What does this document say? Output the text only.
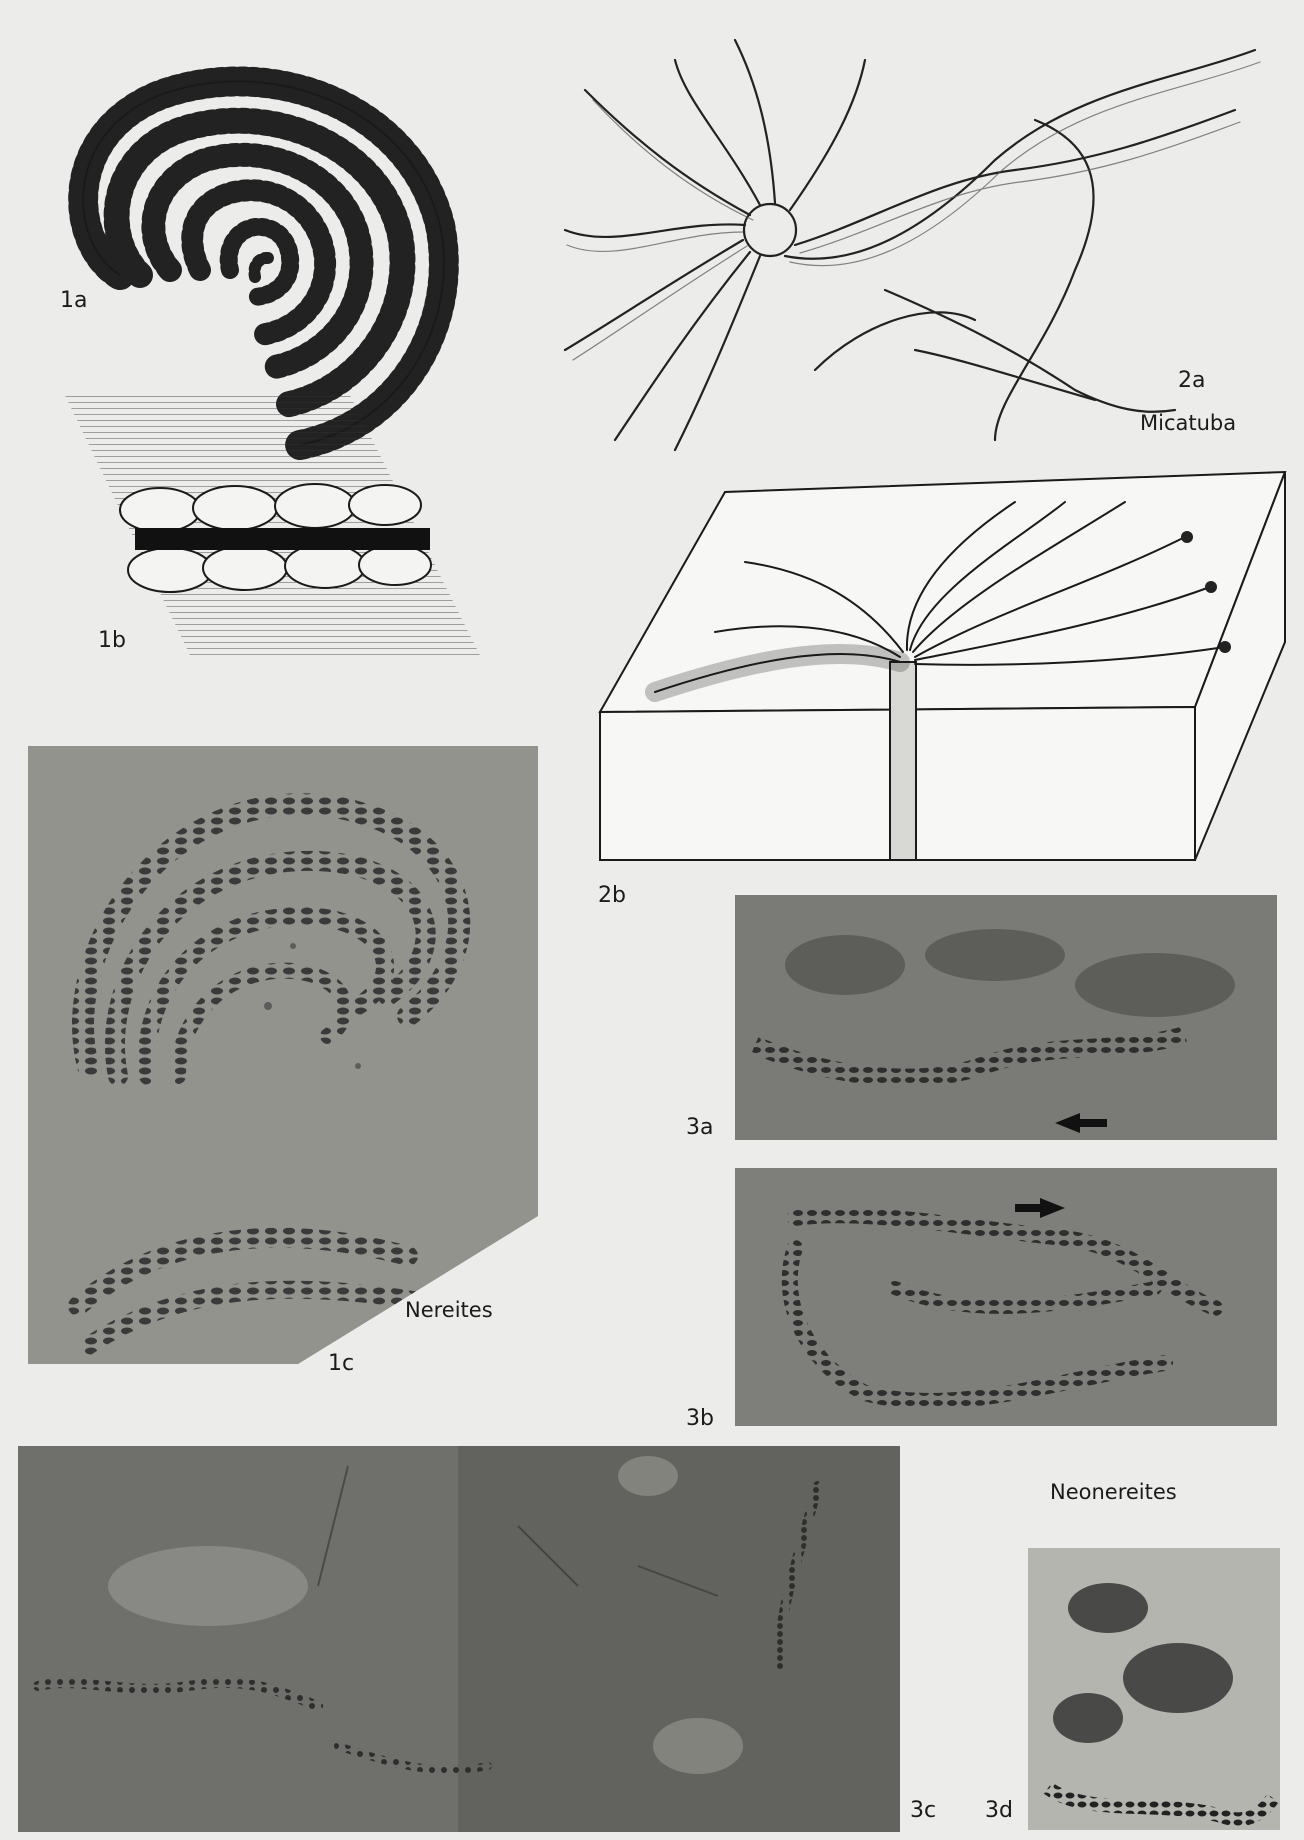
1a
1b
2a
Micatuba
2b
Nereites
1c
3a
3b
3c
Neonereites
3d
